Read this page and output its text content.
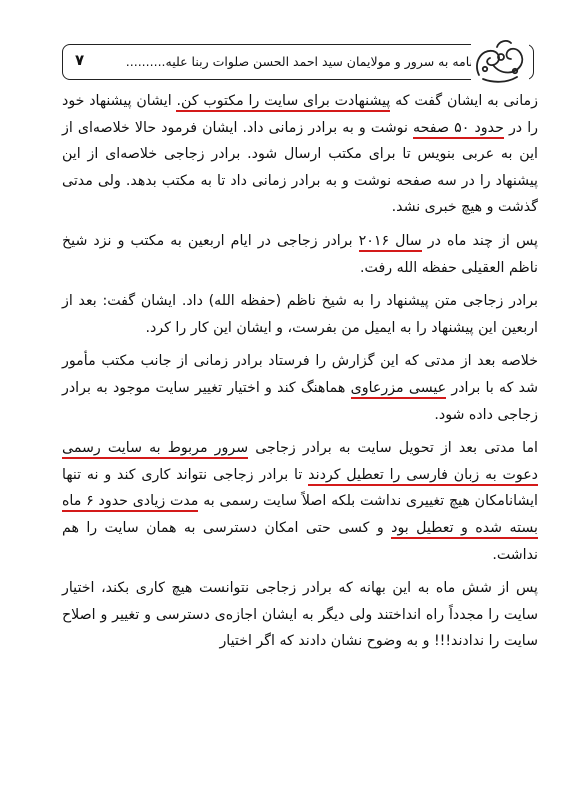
۷	نامه به سرور و مولایمان سید احمد الحسن صلوات ربنا علیه..........

زمانی به ایشان گفت که پیشنهادت برای سایت را مکتوب کن. ایشان پیشنهاد خود را در حدود ۵۰ صفحه نوشت و به برادر زمانی داد. ایشان فرمود حالا خلاصه‌ای از این به عربی بنویس تا برای مکتب ارسال شود. برادر زجاجی خلاصه‌ای از این پیشنهاد را در سه صفحه نوشت و به برادر زمانی داد تا به مکتب بدهد. ولی مدتی گذشت و هیچ خبری نشد.

پس از چند ماه در سال ۲۰۱۶ برادر زجاجی در ایام اربعین به مکتب و نزد شیخ ناظم العقیلی حفظه الله رفت.

برادر زجاجی متن پیشنهاد را به شیخ ناظم (حفظه الله) داد. ایشان گفت: بعد از اربعین این پیشنهاد را به ایمیل من بفرست، و ایشان این کار را کرد.

خلاصه بعد از مدتی که این گزارش را فرستاد برادر زمانی از جانب مکتب مأمور شد که با برادر عیسی مزرعاوی هماهنگ کند و اختیار تغییر سایت موجود به برادر زجاجی داده شود.

اما مدتی بعد از تحویل سایت به برادر زجاجی سرور مربوط به سایت رسمی دعوت به زبان فارسی را تعطیل کردند تا برادر زجاجی نتواند کاری کند و نه تنها ایشانامکان هیچ تغییری نداشت بلکه اصلاً سایت رسمی به مدت زیادی حدود ۶ ماه بسته شده و تعطیل بود و کسی حتی امکان دسترسی به همان سایت را هم نداشت.

پس از شش ماه به این بهانه که برادر زجاجی نتوانست هیچ کاری بکند، اختیار سایت را مجدداً راه انداختند ولی دیگر به ایشان اجازه‌ی دسترسی و تغییر و اصلاح سایت را ندادند!!! و به وضوح نشان دادند که اگر اختیار
